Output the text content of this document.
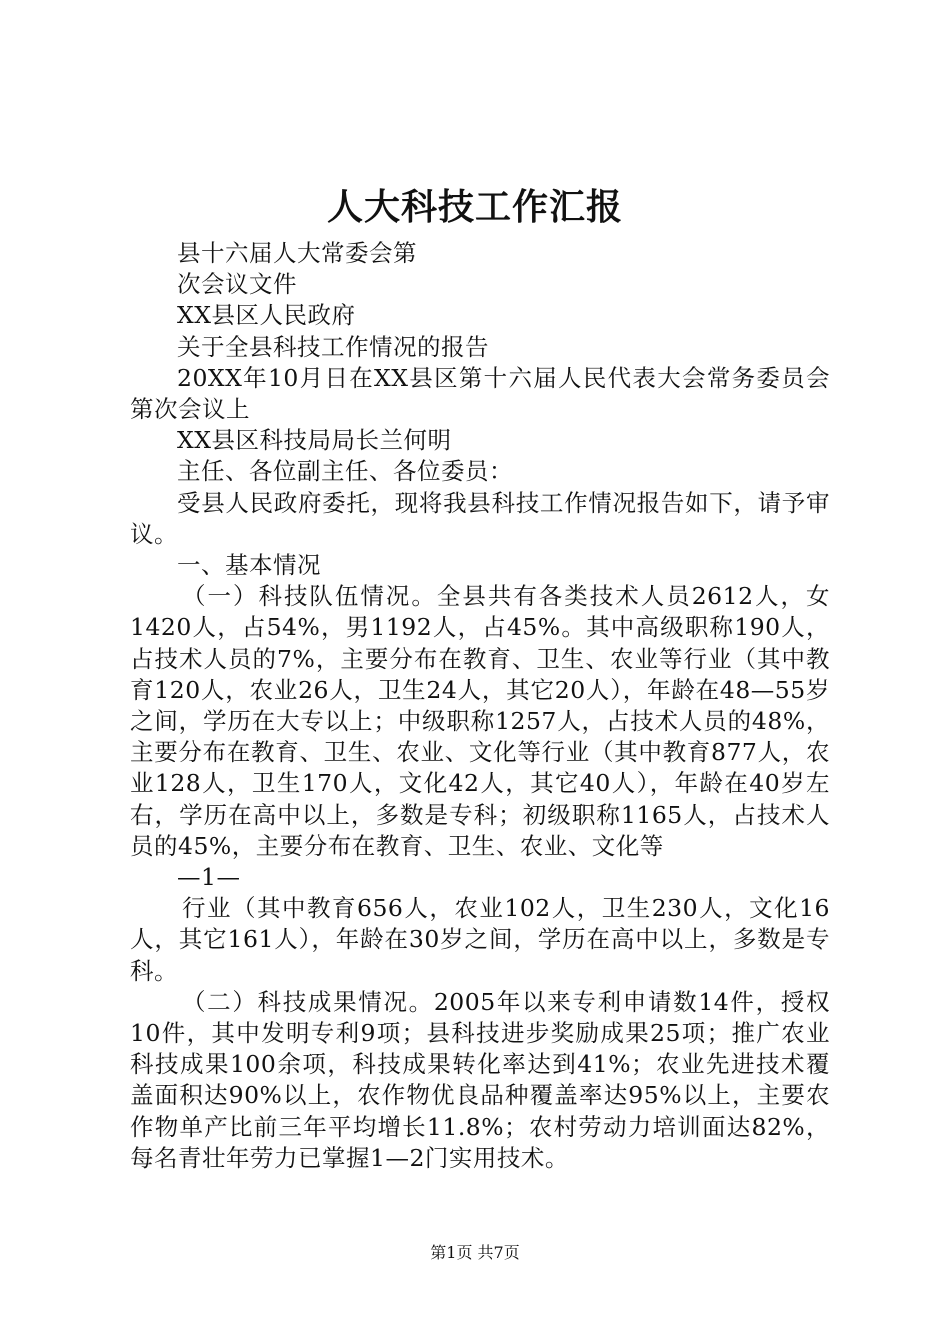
人大科技工作汇报

县十六届人大常委会第

次会议文件

XX县区人民政府

关于全县科技工作情况的报告

20XX年10月日在XX县区第十六届人民代表大会常务委员会第次会议上

XX县区科技局局长兰何明

主任、各位副主任、各位委员：

受县人民政府委托，现将我县科技工作情况报告如下，请予审议。

一、基本情况

（一）科技队伍情况。全县共有各类技术人员2612人，女1420人，占54%，男1192人，占45%。其中高级职称190人，占技术人员的7%，主要分布在教育、卫生、农业等行业（其中教育120人，农业26人，卫生24人，其它20人），年龄在48—55岁之间，学历在大专以上；中级职称1257人，占技术人员的48%，主要分布在教育、卫生、农业、文化等行业（其中教育877人，农业128人，卫生170人，文化42人，其它40人），年龄在40岁左右，学历在高中以上，多数是专科；初级职称1165人，占技术人员的45%，主要分布在教育、卫生、农业、文化等

—1—

行业（其中教育656人，农业102人，卫生230人，文化16人，其它161人），年龄在30岁之间，学历在高中以上，多数是专科。

（二）科技成果情况。2005年以来专利申请数14件，授权10件，其中发明专利9项；县科技进步奖励成果25项；推广农业科技成果100余项，科技成果转化率达到41%；农业先进技术覆盖面积达90%以上，农作物优良品种覆盖率达95%以上，主要农作物单产比前三年平均增长11.8%；农村劳动力培训面达82%，每名青壮年劳力已掌握1—2门实用技术。

第1页 共7页
